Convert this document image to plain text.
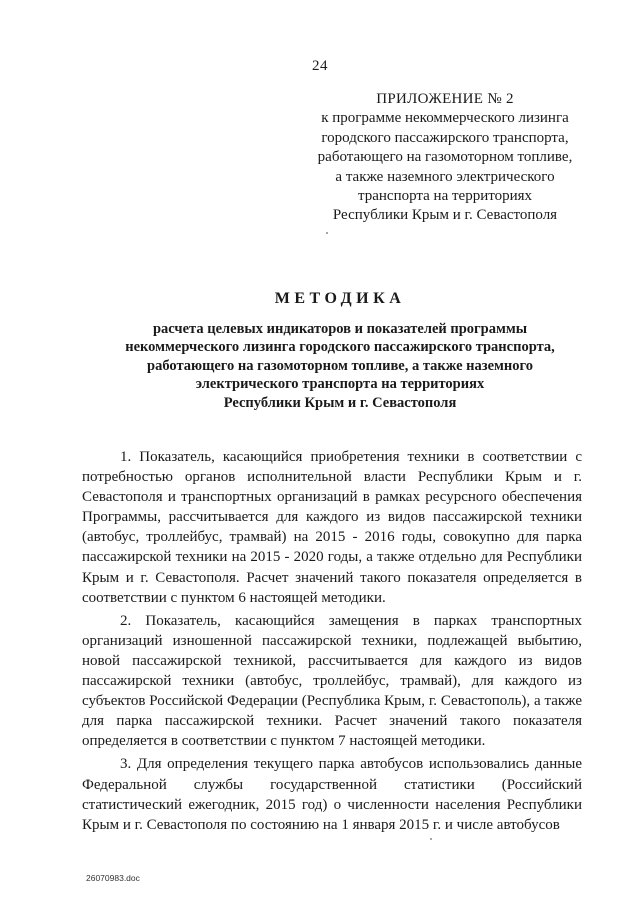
24
ПРИЛОЖЕНИЕ № 2
к программе некоммерческого лизинга
городского пассажирского транспорта,
работающего на газомоторном топливе,
а также наземного электрического
транспорта на территориях
Республики Крым и г. Севастополя
МЕТОДИКА
расчета целевых индикаторов и показателей программы
некоммерческого лизинга городского пассажирского транспорта,
работающего на газомоторном топливе, а также наземного
электрического транспорта на территориях
Республики Крым и г. Севастополя

1. Показатель, касающийся приобретения техники в соответствии с потребностью органов исполнительной власти Республики Крым и г. Севастополя и транспортных организаций в рамках ресурсного обеспечения Программы, рассчитывается для каждого из видов пассажирской техники (автобус, троллейбус, трамвай) на 2015 - 2016 годы, совокупно для парка пассажирской техники на 2015 - 2020 годы, а также отдельно для Республики Крым и г. Севастополя. Расчет значений такого показателя определяется в соответствии с пунктом 6 настоящей методики.

2. Показатель, касающийся замещения в парках транспортных организаций изношенной пассажирской техники, подлежащей выбытию, новой пассажирской техникой, рассчитывается для каждого из видов пассажирской техники (автобус, троллейбус, трамвай), для каждого из субъектов Российской Федерации (Республика Крым, г. Севастополь), а также для парка пассажирской техники. Расчет значений такого показателя определяется в соответствии с пунктом 7 настоящей методики.

3. Для определения текущего парка автобусов использовались данные Федеральной службы государственной статистики (Российский статистический ежегодник, 2015 год) о численности населения Республики Крым и г. Севастополя по состоянию на 1 января 2015 г. и числе автобусов

26070983.doc
